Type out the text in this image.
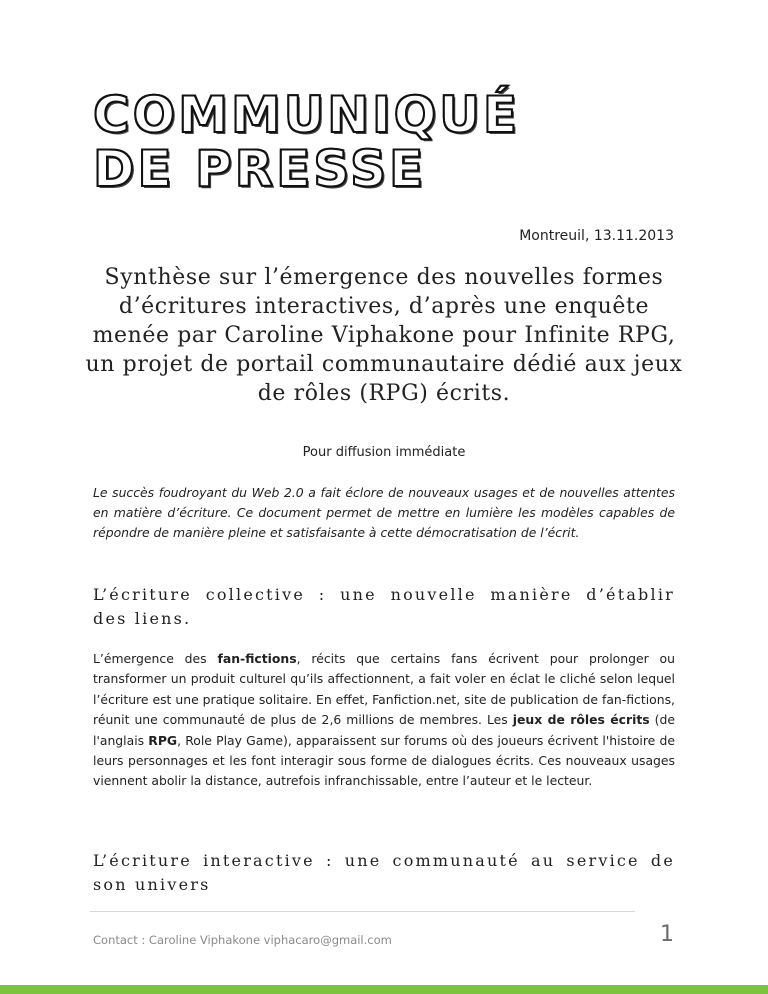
COMMUNIQUÉ
DE PRESSE
Montreuil, 13.11.2013
Synthèse sur l’émergence des nouvelles formes d’écritures interactives, d’après une enquête menée par Caroline Viphakone pour Infinite RPG, un projet de portail communautaire dédié aux jeux de rôles (RPG) écrits.
Pour diffusion immédiate

Le succès foudroyant du Web 2.0 a fait éclore de nouveaux usages et de nouvelles attentes en matière d’écriture. Ce document permet de mettre en lumière les modèles capables de répondre de manière pleine et satisfaisante à cette démocratisation de l’écrit.

L’écriture collective : une nouvelle manière d’établir des liens.

L’émergence des fan-fictions, récits que certains fans écrivent pour prolonger ou transformer un produit culturel qu’ils affectionnent, a fait voler en éclat le cliché selon lequel l’écriture est une pratique solitaire. En effet, Fanfiction.net, site de publication de fan-fictions, réunit une communauté de plus de 2,6 millions de membres. Les jeux de rôles écrits (de l'anglais RPG, Role Play Game), apparaissent sur forums où des joueurs écrivent l'histoire de leurs personnages et les font interagir sous forme de dialogues écrits. Ces nouveaux usages viennent abolir la distance, autrefois infranchissable, entre l’auteur et le lecteur.

L’écriture interactive : une communauté au service de son univers
Contact : Caroline Viphakone viphacaro@gmail.com	1
